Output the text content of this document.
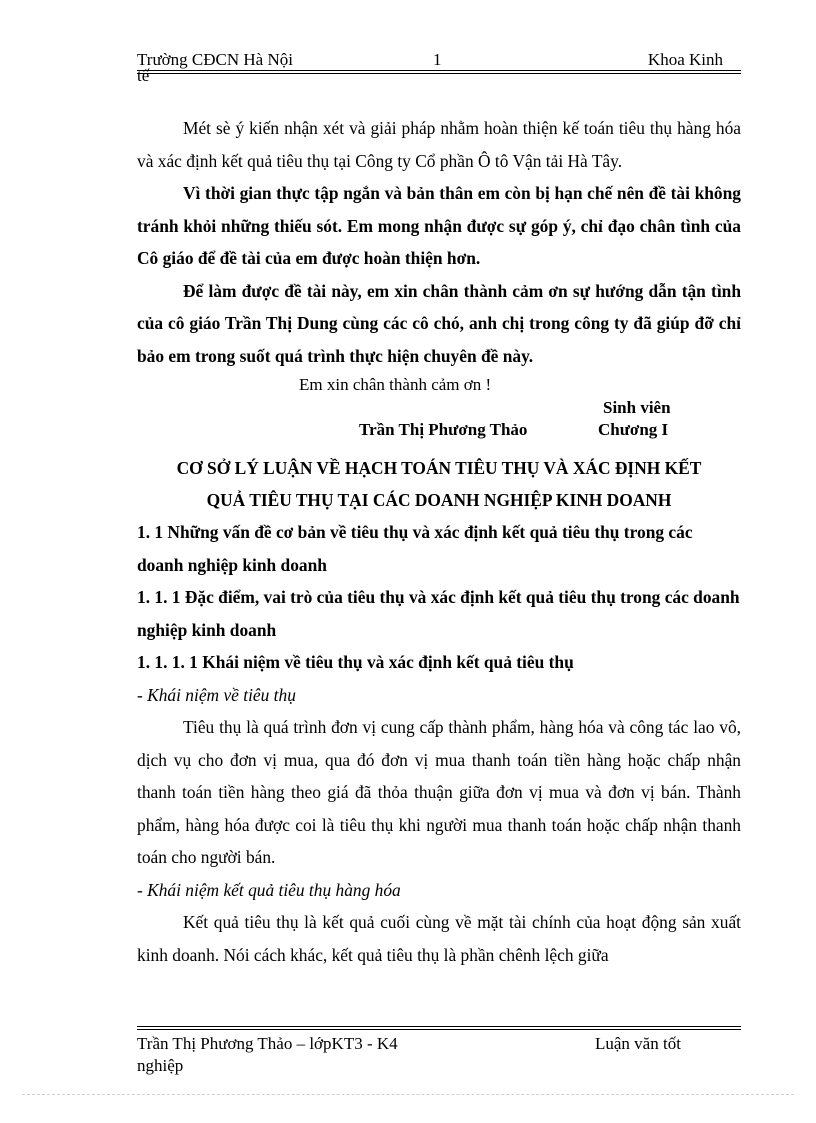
Trường CĐCN Hà Nội	1	Khoa Kinh
tế

Mét sè ý kiến nhận xét và giải pháp nhằm hoàn thiện kế toán tiêu thụ hàng hóa và xác định kết quả tiêu thụ tại Công ty Cổ phần Ô tô Vận tải Hà Tây.

Vì thời gian thực tập ngắn và bản thân em còn bị hạn chế nên đề tài không tránh khỏi những thiếu sót. Em mong nhận được sự góp ý, chỉ đạo chân tình của Cô giáo để đề tài của em được hoàn thiện hơn.

Để làm được đề tài này, em xin chân thành cảm ơn sự hướng dẫn tận tình của cô giáo Trần Thị Dung cùng các cô chó, anh chị trong công ty đã giúp đỡ chỉ bảo em trong suốt quá trình thực hiện chuyên đề này.

Em xin chân thành cảm ơn !

Sinh viên
Trần Thị Phương Thảo	Chương I

CƠ SỞ LÝ LUẬN VỀ HẠCH TOÁN TIÊU THỤ VÀ XÁC ĐỊNH KẾT

QUẢ TIÊU THỤ TẠI CÁC DOANH NGHIỆP KINH DOANH

1. 1 Những vấn đề cơ bản về tiêu thụ và xác định kết quả tiêu thụ trong các doanh nghiệp kinh doanh

1. 1. 1 Đặc điểm, vai trò của tiêu thụ và xác định kết quả tiêu thụ trong các doanh nghiệp kinh doanh

1. 1. 1. 1 Khái niệm về tiêu thụ và xác định kết quả tiêu thụ

- Khái niệm về tiêu thụ

Tiêu thụ là quá trình đơn vị cung cấp thành phẩm, hàng hóa và công tác lao vô, dịch vụ cho đơn vị mua, qua đó đơn vị mua thanh toán tiền hàng hoặc chấp nhận thanh toán tiền hàng theo giá đã thỏa thuận giữa đơn vị mua và đơn vị bán. Thành phẩm, hàng hóa được coi là tiêu thụ khi người mua thanh toán hoặc chấp nhận thanh toán cho người bán.

- Khái niệm kết quả tiêu thụ hàng hóa

Kết quả tiêu thụ là kết quả cuối cùng về mặt tài chính của hoạt động sản xuất kinh doanh. Nói cách khác, kết quả tiêu thụ là phần chênh lệch giữa

Trần Thị Phương Thảo – lớpKT3 - K4	Luận văn tốt
nghiệp
